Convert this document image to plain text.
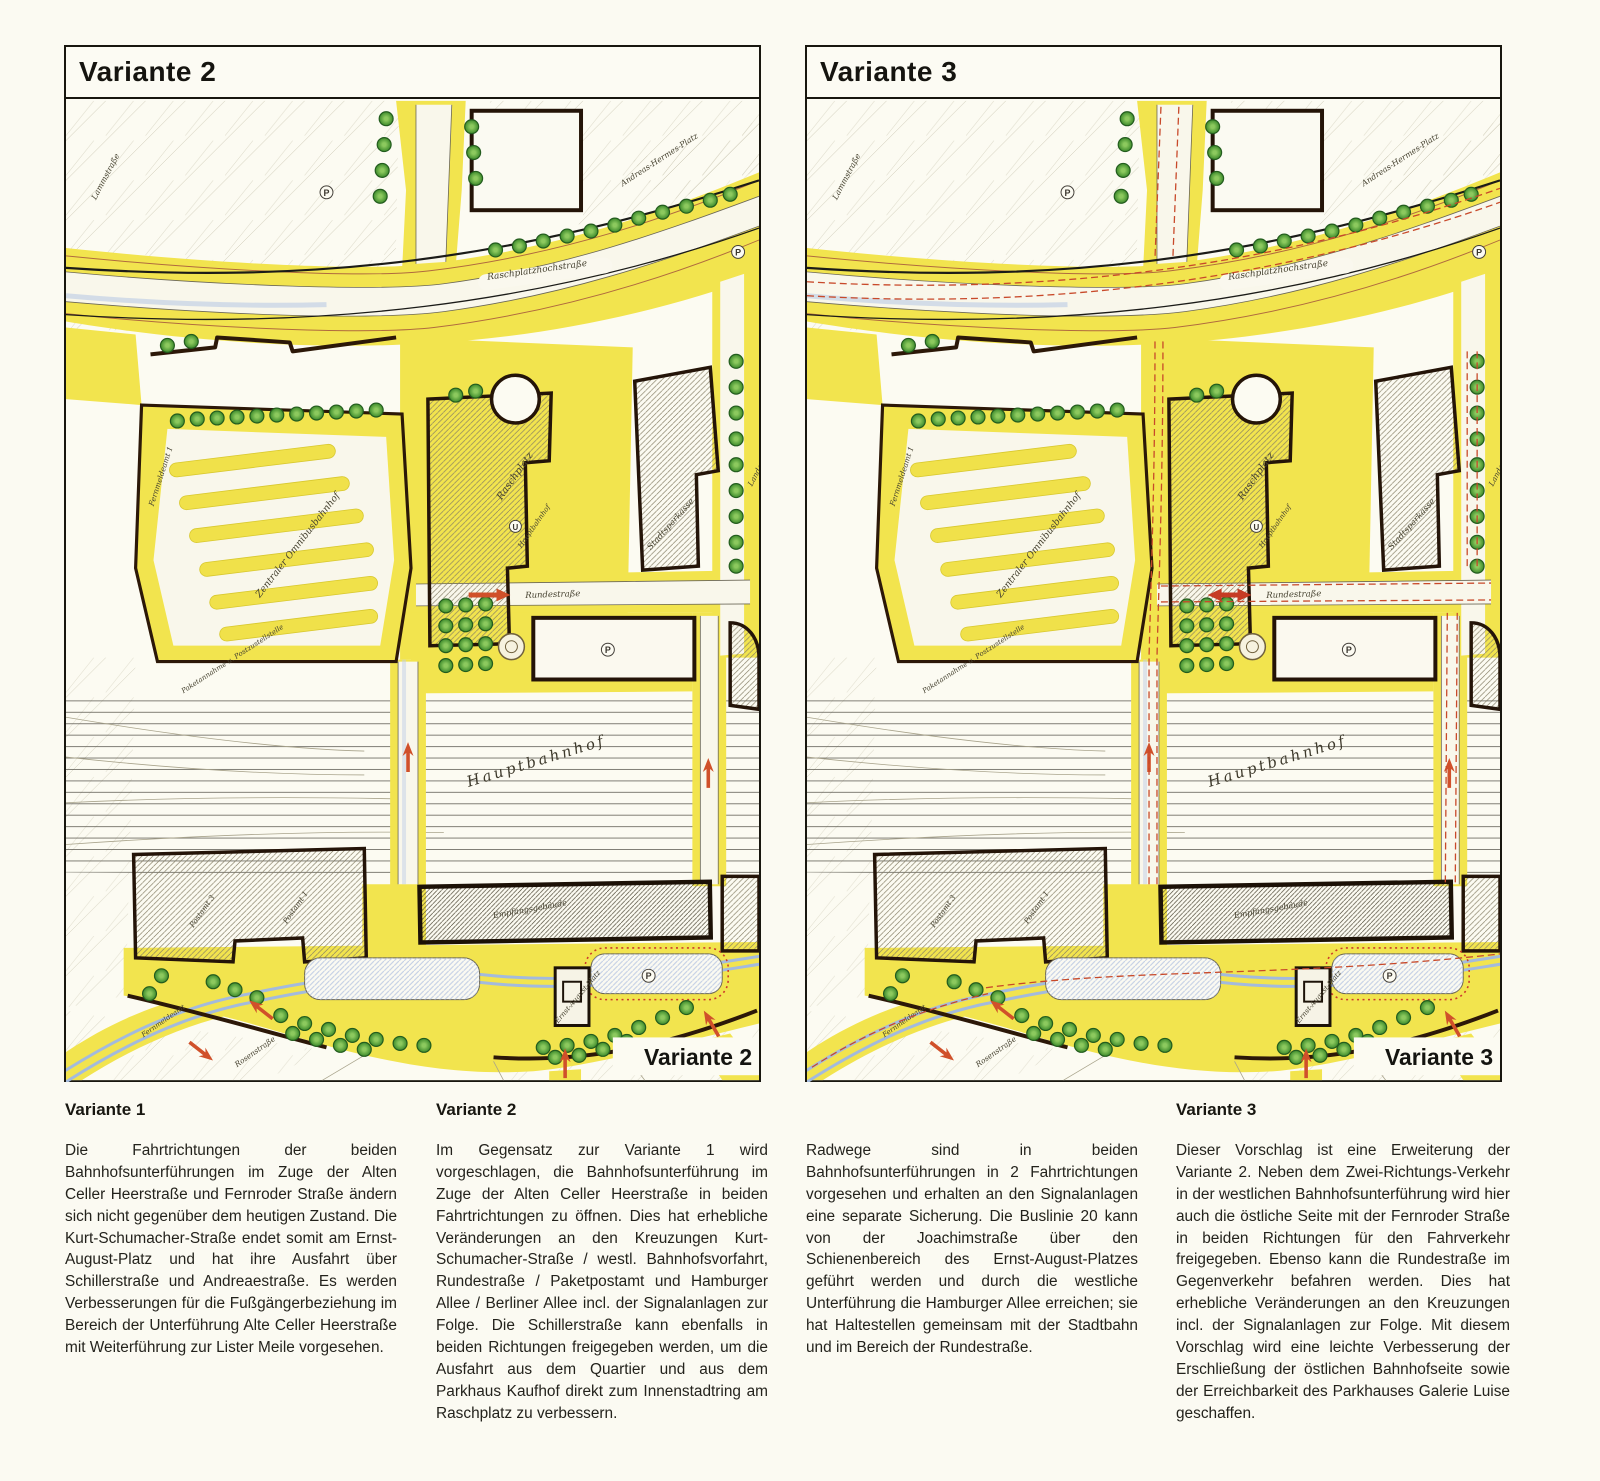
Variante 2
Variante 2
Variante 3
Variante 3
Variante 1

Die Fahrtrichtungen der beiden Bahnhofsunterführungen im Zuge der Alten Celler Heerstraße und Fernroder Straße ändern sich nicht gegenüber dem heutigen Zustand. Die Kurt-Schumacher-Straße endet somit am Ernst-August-Platz und hat ihre Ausfahrt über Schillerstraße und Andreaestraße. Es werden Verbesserungen für die Fußgängerbeziehung im Bereich der Unterführung Alte Celler Heerstraße mit Weiterführung zur Lister Meile vorgesehen.

Variante 2

Im Gegensatz zur Variante 1 wird vorgeschlagen, die Bahnhofsunterführung im Zuge der Alten Celler Heerstraße in beiden Fahrtrichtungen zu öffnen. Dies hat erhebliche Veränderungen an den Kreuzungen Kurt-Schumacher-Straße / westl. Bahnhofsvorfahrt, Rundestraße / Paketpostamt und Hamburger Allee / Berliner Allee incl. der Signalanlagen zur Folge. Die Schillerstraße kann ebenfalls in beiden Richtungen freigegeben werden, um die Ausfahrt aus dem Quartier und aus dem Parkhaus Kaufhof direkt zum Innenstadtring am Raschplatz zu verbessern.

Radwege sind in beiden Bahnhofsunterführungen in 2 Fahrtrichtungen vorgesehen und erhalten an den Signalanlagen eine separate Sicherung. Die Buslinie 20 kann von der Joachimstraße über den Schienenbereich des Ernst-August-Platzes geführt werden und durch die westliche Unterführung die Hamburger Allee erreichen; sie hat Haltestellen gemeinsam mit der Stadtbahn und im Bereich der Rundestraße.

Variante 3

Dieser Vorschlag ist eine Erweiterung der Variante 2. Neben dem Zwei-Richtungs-Verkehr in der westlichen Bahnhofsunterführung wird hier auch die östliche Seite mit der Fernroder Straße in beiden Richtungen für den Fahrverkehr freigegeben. Ebenso kann die Rundestraße im Gegenverkehr befahren werden. Dies hat erhebliche Veränderungen an den Kreuzungen incl. der Signalanlagen zur Folge. Mit diesem Vorschlag wird eine leichte Verbesserung der Erschließung der östlichen Bahnhofseite sowie der Erreichbarkeit des Parkhauses Galerie Luise geschaffen.
